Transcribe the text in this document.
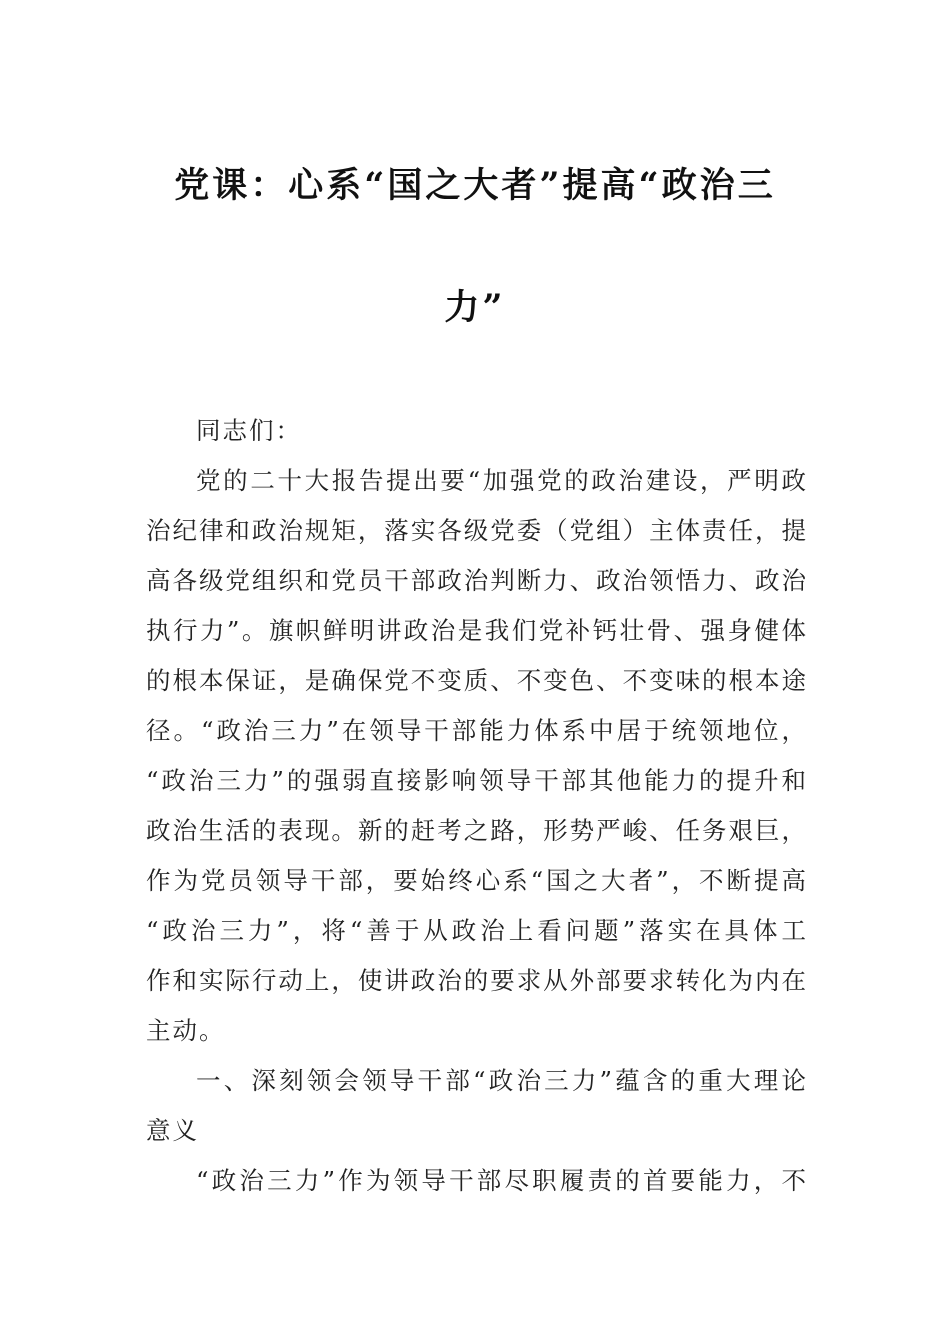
党课：心系“国之大者”提高“政治三
力”
同志们：
党的二十大报告提出要“加强党的政治建设，严明政
治纪律和政治规矩，落实各级党委（党组）主体责任，提
高各级党组织和党员干部政治判断力、政治领悟力、政治
执行力”。旗帜鲜明讲政治是我们党补钙壮骨、强身健体
的根本保证，是确保党不变质、不变色、不变味的根本途
径。“政治三力”在领导干部能力体系中居于统领地位，
“政治三力”的强弱直接影响领导干部其他能力的提升和
政治生活的表现。新的赶考之路，形势严峻、任务艰巨，
作为党员领导干部，要始终心系“国之大者”，不断提高
“政治三力”，将“善于从政治上看问题”落实在具体工
作和实际行动上，使讲政治的要求从外部要求转化为内在
主动。
一、深刻领会领导干部“政治三力”蕴含的重大理论
意义
“政治三力”作为领导干部尽职履责的首要能力，不
